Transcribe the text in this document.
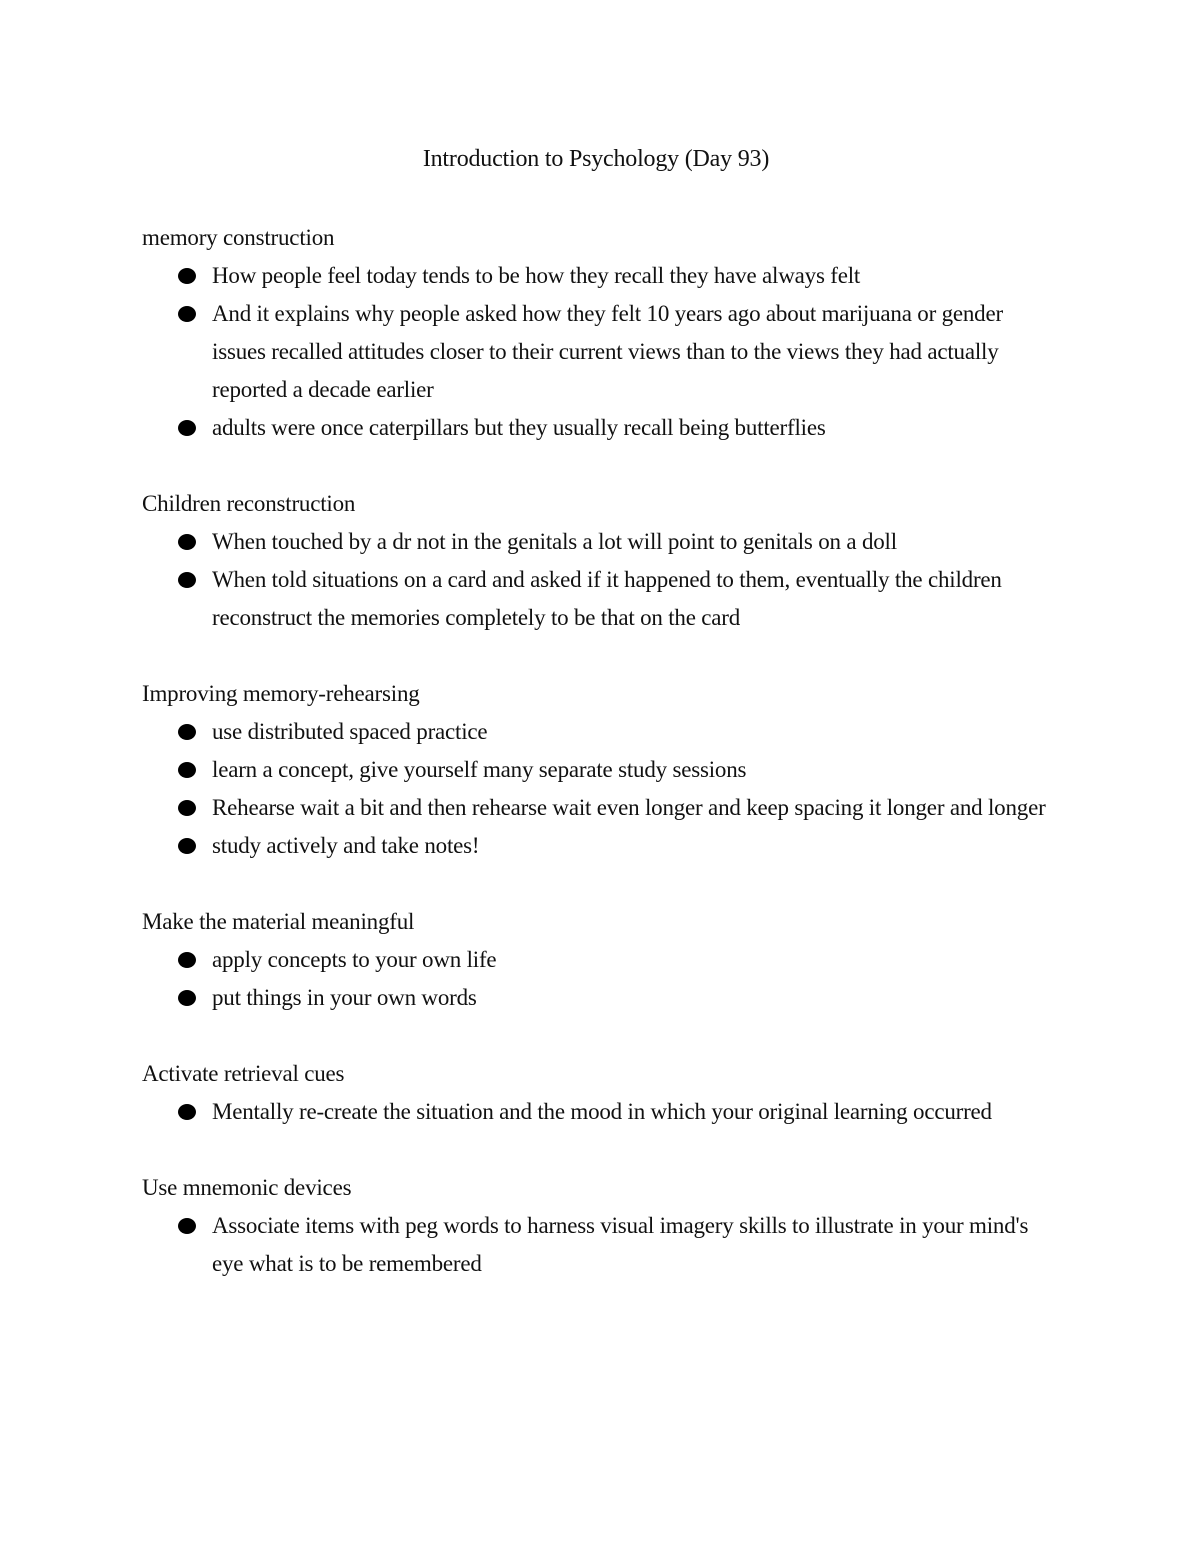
Introduction to Psychology (Day 93)
memory construction
How people feel today tends to be how they recall they have always felt
And it explains why people asked how they felt 10 years ago about marijuana or gender issues recalled attitudes closer to their current views than to the views they had actually reported a decade earlier
adults were once caterpillars but they usually recall being butterflies
Children reconstruction
When touched by a dr not in the genitals a lot will point to genitals on a doll
When told situations on a card and asked if it happened to them, eventually the children reconstruct the memories completely to be that on the card
Improving memory-rehearsing
use distributed spaced practice
learn a concept, give yourself many separate study sessions
Rehearse wait a bit and then rehearse wait even longer and keep spacing it longer and longer
study actively and take notes!
Make the material meaningful
apply concepts to your own life
put things in your own words
Activate retrieval cues
Mentally re-create the situation and the mood in which your original learning occurred
Use mnemonic devices
Associate items with peg words to harness visual imagery skills to illustrate in your mind's eye what is to be remembered
